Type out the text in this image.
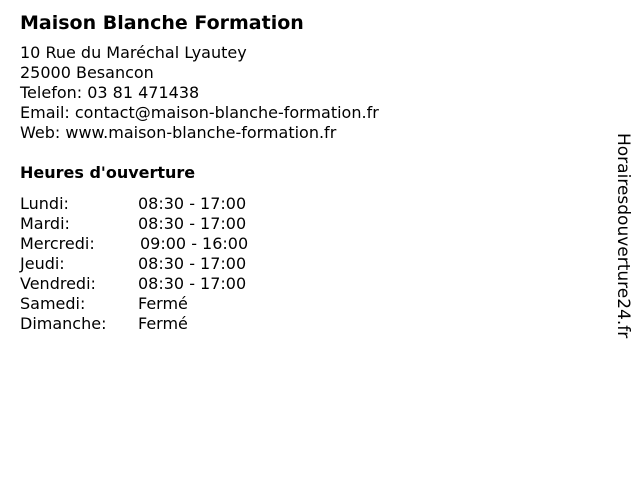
Maison Blanche Formation
10 Rue du Maréchal Lyautey
25000 Besancon
Telefon: 03 81 471438
Email: contact@maison-blanche-formation.fr
Web: www.maison-blanche-formation.fr
Heures d'ouverture
Lundi:	08:30 - 17:00
Mardi:	08:30 - 17:00
Mercredi:	09:00 - 16:00
Jeudi:	08:30 - 17:00
Vendredi:	08:30 - 17:00
Samedi:	Fermé
Dimanche: Fermé	Horairesdouverture24.fr
